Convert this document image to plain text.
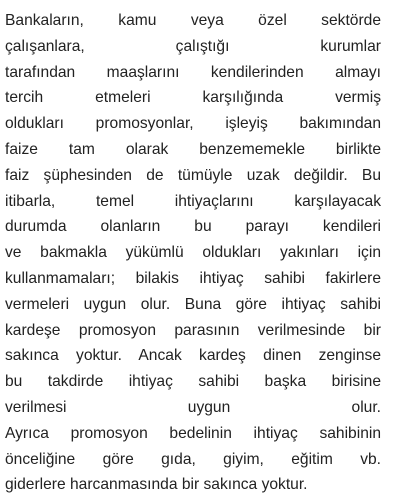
Bankaların, kamu veya özel sektörde
çalışanlara, çalıştığı kurumlar
tarafından maaşlarını kendilerinden almayı
tercih etmeleri karşılığında vermiş
oldukları promosyonlar, işleyiş bakımından
faize tam olarak benzememekle birlikte
faiz şüphesinden de tümüyle uzak değildir. Bu
itibarla, temel ihtiyaçlarını karşılayacak
durumda olanların bu parayı kendileri
ve bakmakla yükümlü oldukları yakınları için
kullanmamaları; bilakis ihtiyaç sahibi fakirlere
vermeleri uygun olur. Buna göre ihtiyaç sahibi
kardeşe promosyon parasının verilmesinde bir
sakınca yoktur. Ancak kardeş dinen zenginse
bu takdirde ihtiyaç sahibi başka birisine
verilmesi uygun olur.
Ayrıca promosyon bedelinin ihtiyaç sahibinin
önceliğine göre gıda, giyim, eğitim vb.
giderlere harcanmasında bir sakınca yoktur.
